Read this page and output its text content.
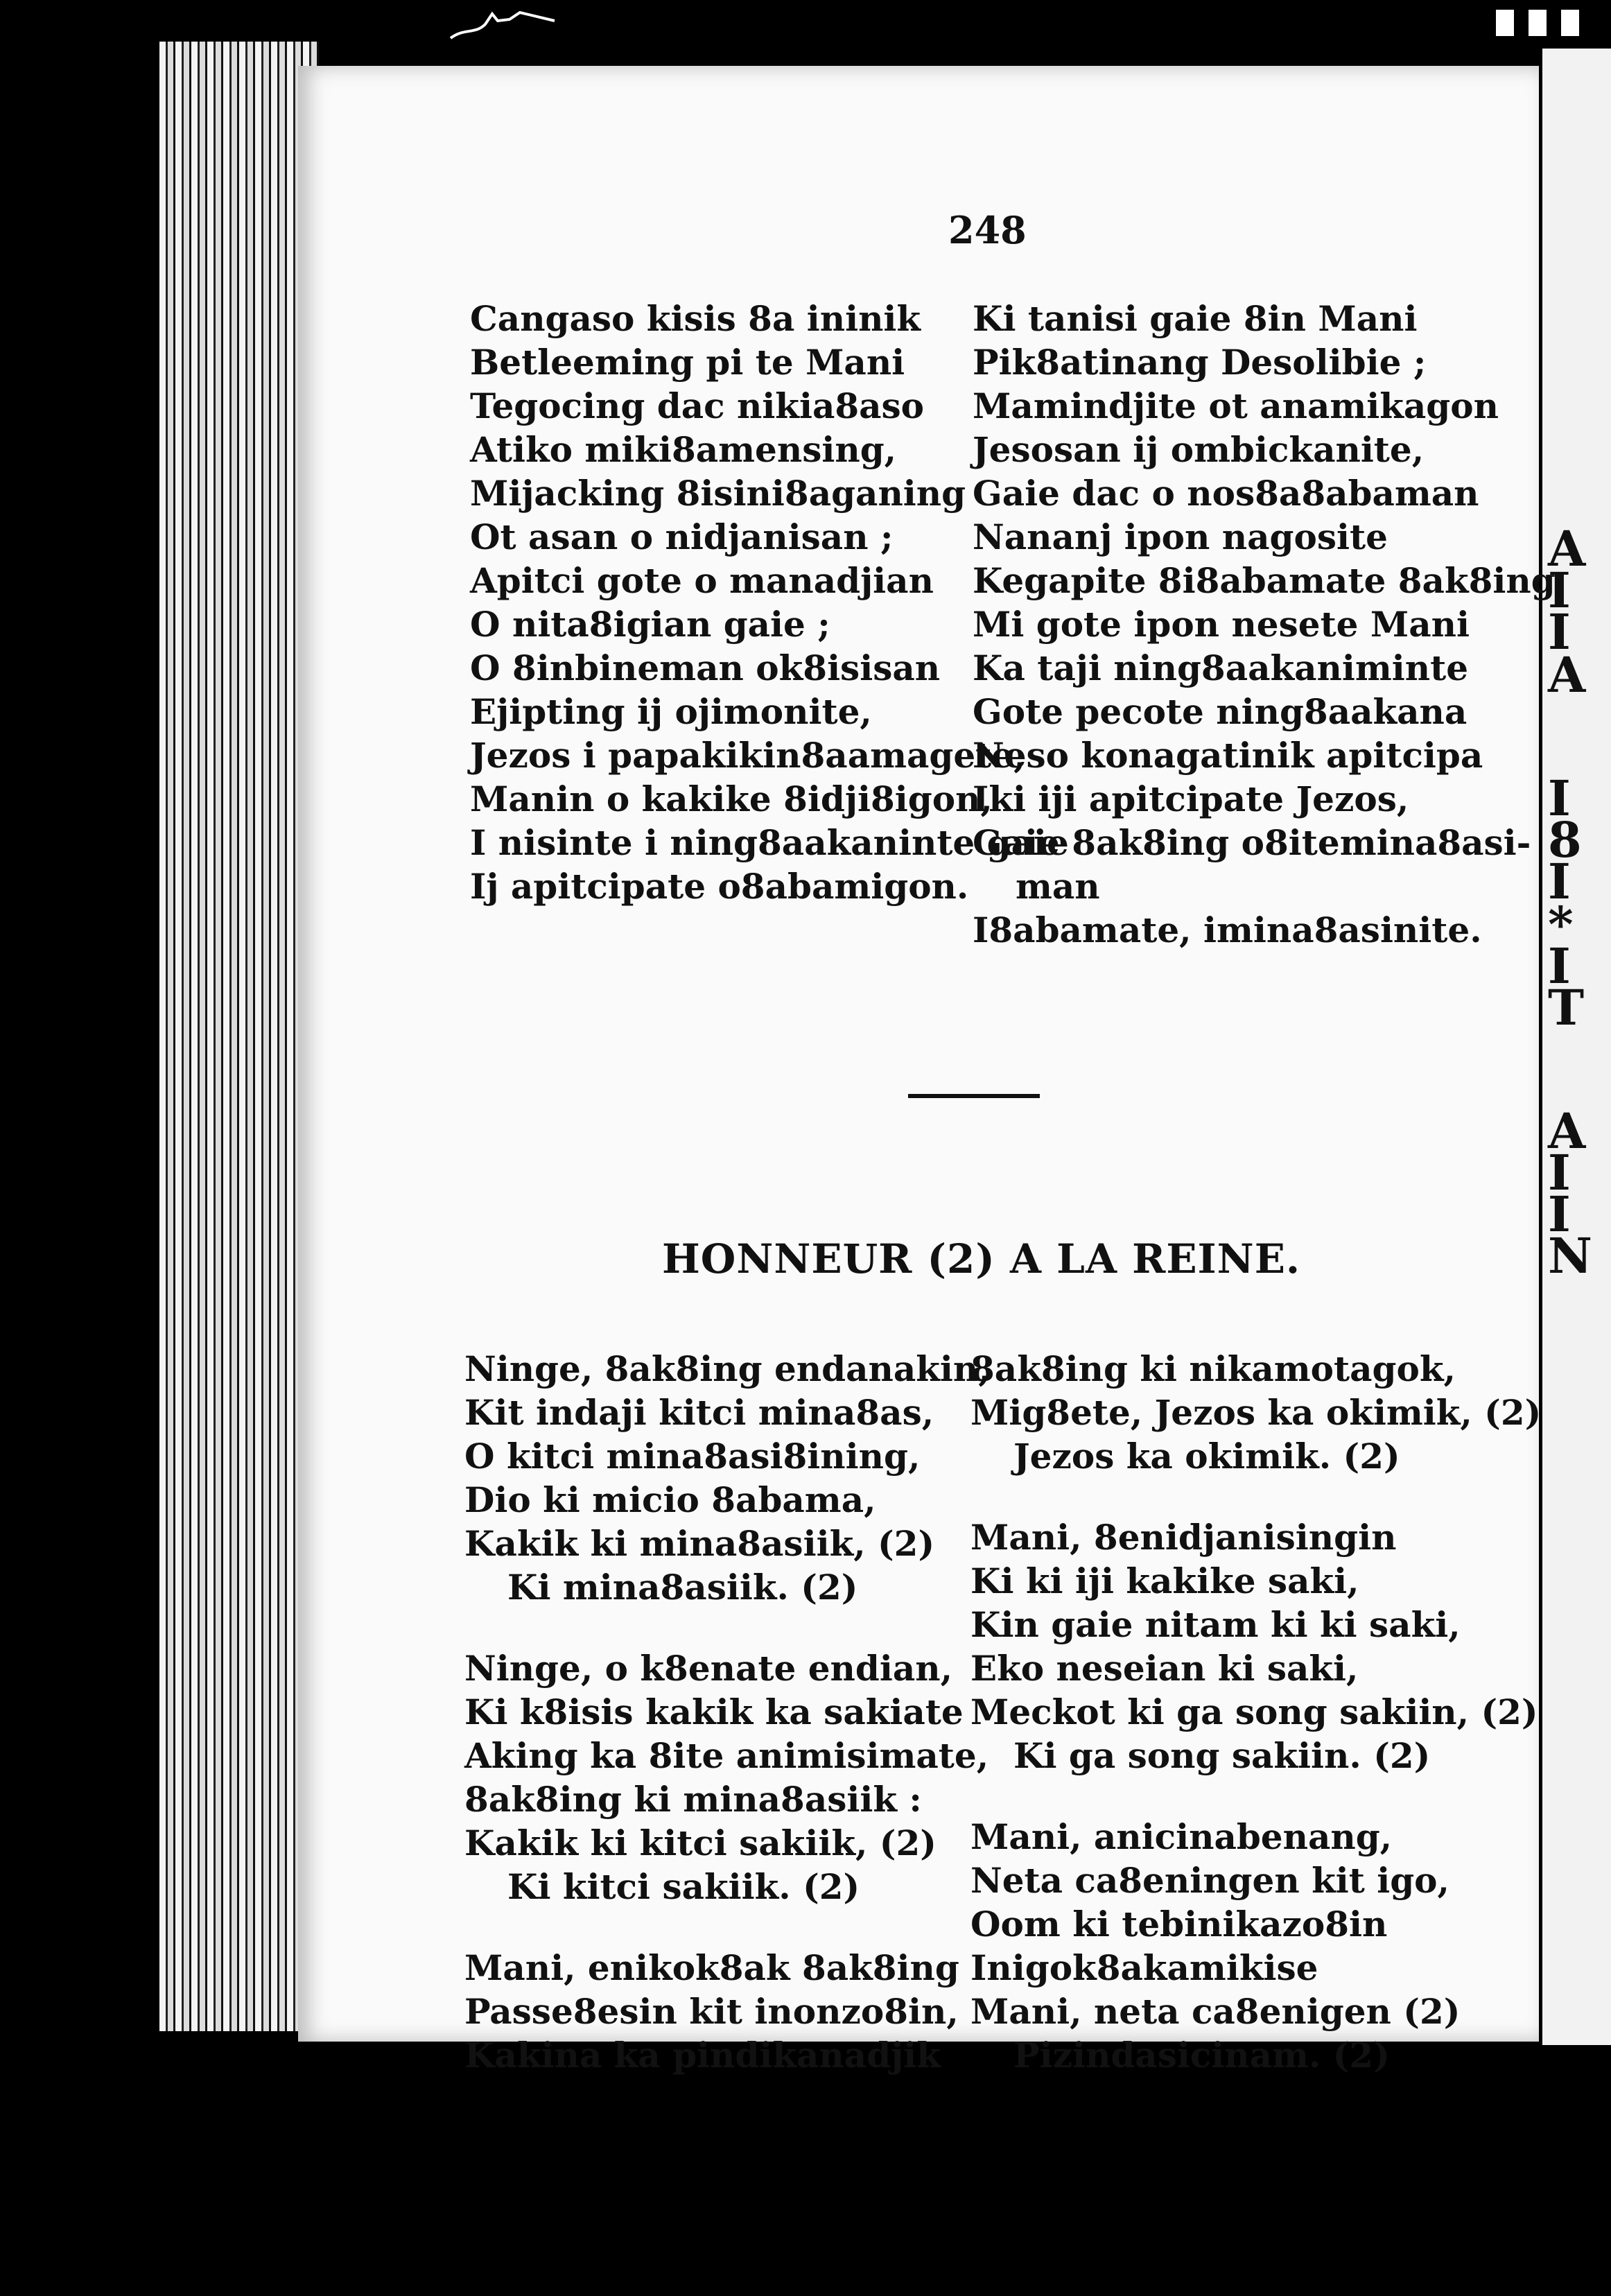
A
I
I
A
I
8
I
*
I
T
A
I
I
N
248
Cangaso kisis 8a ininik
Betleeming pi te Mani
Tegocing dac nikia8aso
Atiko miki8amensing,
Mijacking 8isini8aganing
Ot asan o nidjanisan ;
Apitci gote o manadjian
O nita8igian gaie ;
O 8inbineman ok8isisan
Ejipting ij ojimonite,
Jezos i papakikin8aamagete,
Manin o kakike 8idji8igon,
I nisinte i ning8aakaninte gaie
Ij apitcipate o8abamigon.
Ki tanisi gaie 8in Mani
Pik8atinang Desolibie ;
Mamindjite ot anamikagon
Jesosan ij ombickanite,
Gaie dac o nos8a8abaman
Nananj ipon nagosite
Kegapite 8i8abamate 8ak8ing
Mi gote ipon nesete Mani
Ka taji ning8aakaniminte
Gote pecote ning8aakana
Neso konagatinik apitcipa
Iki iji apitcipate Jezos,
Gaie 8ak8ing o8itemina8asi-
man
I8abamate, imina8asinite.
HONNEUR (2) A LA REINE.
Ninge, 8ak8ing endanakin,
Kit indaji kitci mina8as,
O kitci mina8asi8ining,
Dio ki micio 8abama,
Kakik ki mina8asiik, (2)
Ki mina8asiik. (2)
Ninge, o k8enate endian,
Ki k8isis kakik ka sakiate
Aking ka 8ite animisimate,
8ak8ing ki mina8asiik :
Kakik ki kitci sakiik, (2)
Ki kitci sakiik. (2)
Mani, enikok8ak 8ak8ing
Passe8esin kit inonzo8in,
Kakina ka pindikanadjik
8ak8ing ki nikamotagok,
Mig8ete, Jezos ka okimik, (2)
Jezos ka okimik. (2)
Mani, 8enidjanisingin
Ki ki iji kakike saki,
Kin gaie nitam ki ki saki,
Eko neseian ki saki,
Meckot ki ga song sakiin, (2)
Ki ga song sakiin. (2)
Mani, anicinabenang,
Neta ca8eningen kit igo,
Oom ki tebinikazo8in
Inigok8akamikise
Mani, neta ca8enigen (2)
Pizindasicinam. (2)
